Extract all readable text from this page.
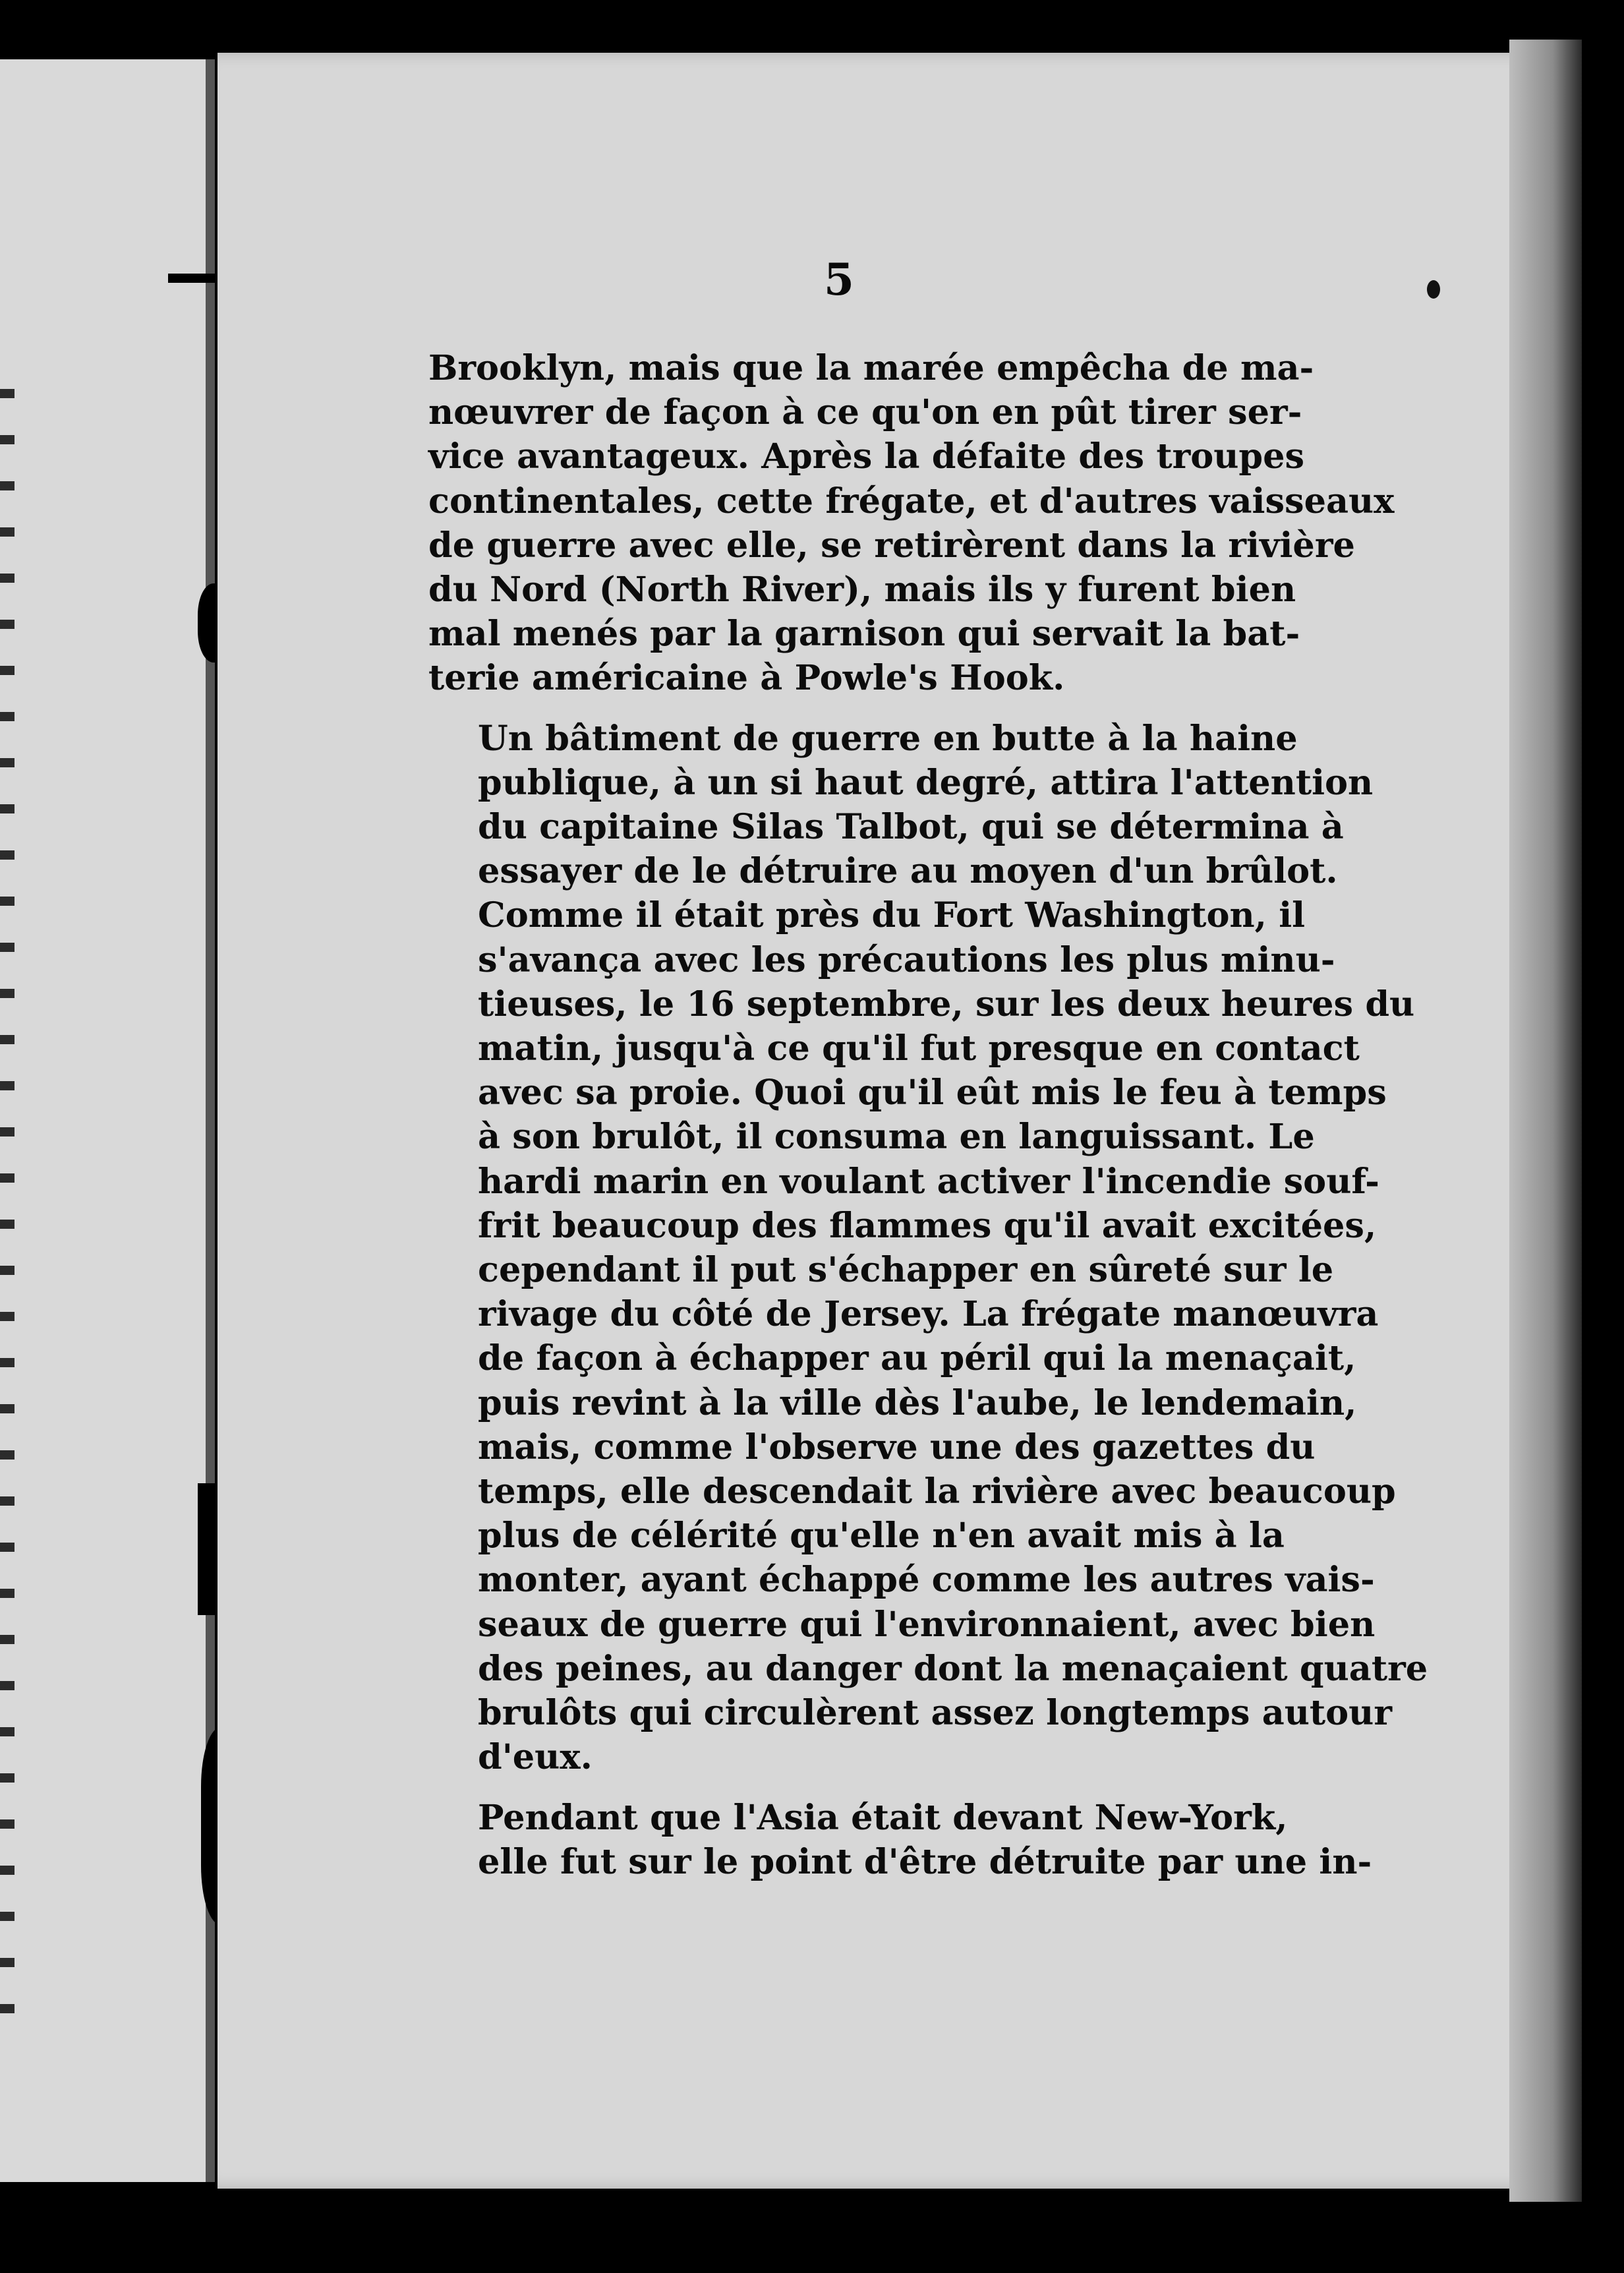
5

Brooklyn, mais que la marée empêcha de ma-
nœuvrer de façon à ce qu'on en pût tirer ser-
vice avantageux. Après la défaite des troupes
continentales, cette frégate, et d'autres vaisseaux
de guerre avec elle, se retirèrent dans la rivière
du Nord (North River), mais ils y furent bien
mal menés par la garnison qui servait la bat-
terie américaine à Powle's Hook.

Un bâtiment de guerre en butte à la haine
publique, à un si haut degré, attira l'attention
du capitaine Silas Talbot, qui se détermina à
essayer de le détruire au moyen d'un brûlot.
Comme il était près du Fort Washington, il
s'avança avec les précautions les plus minu-
tieuses, le 16 septembre, sur les deux heures du
matin, jusqu'à ce qu'il fut presque en contact
avec sa proie. Quoi qu'il eût mis le feu à temps
à son brulôt, il consuma en languissant. Le
hardi marin en voulant activer l'incendie souf-
frit beaucoup des flammes qu'il avait excitées,
cependant il put s'échapper en sûreté sur le
rivage du côté de Jersey. La frégate manœuvra
de façon à échapper au péril qui la menaçait,
puis revint à la ville dès l'aube, le lendemain,
mais, comme l'observe une des gazettes du
temps, elle descendait la rivière avec beaucoup
plus de célérité qu'elle n'en avait mis à la
monter, ayant échappé comme les autres vais-
seaux de guerre qui l'environnaient, avec bien
des peines, au danger dont la menaçaient quatre
brulôts qui circulèrent assez longtemps autour
d'eux.

Pendant que l'Asia était devant New-York,
elle fut sur le point d'être détruite par une in-
